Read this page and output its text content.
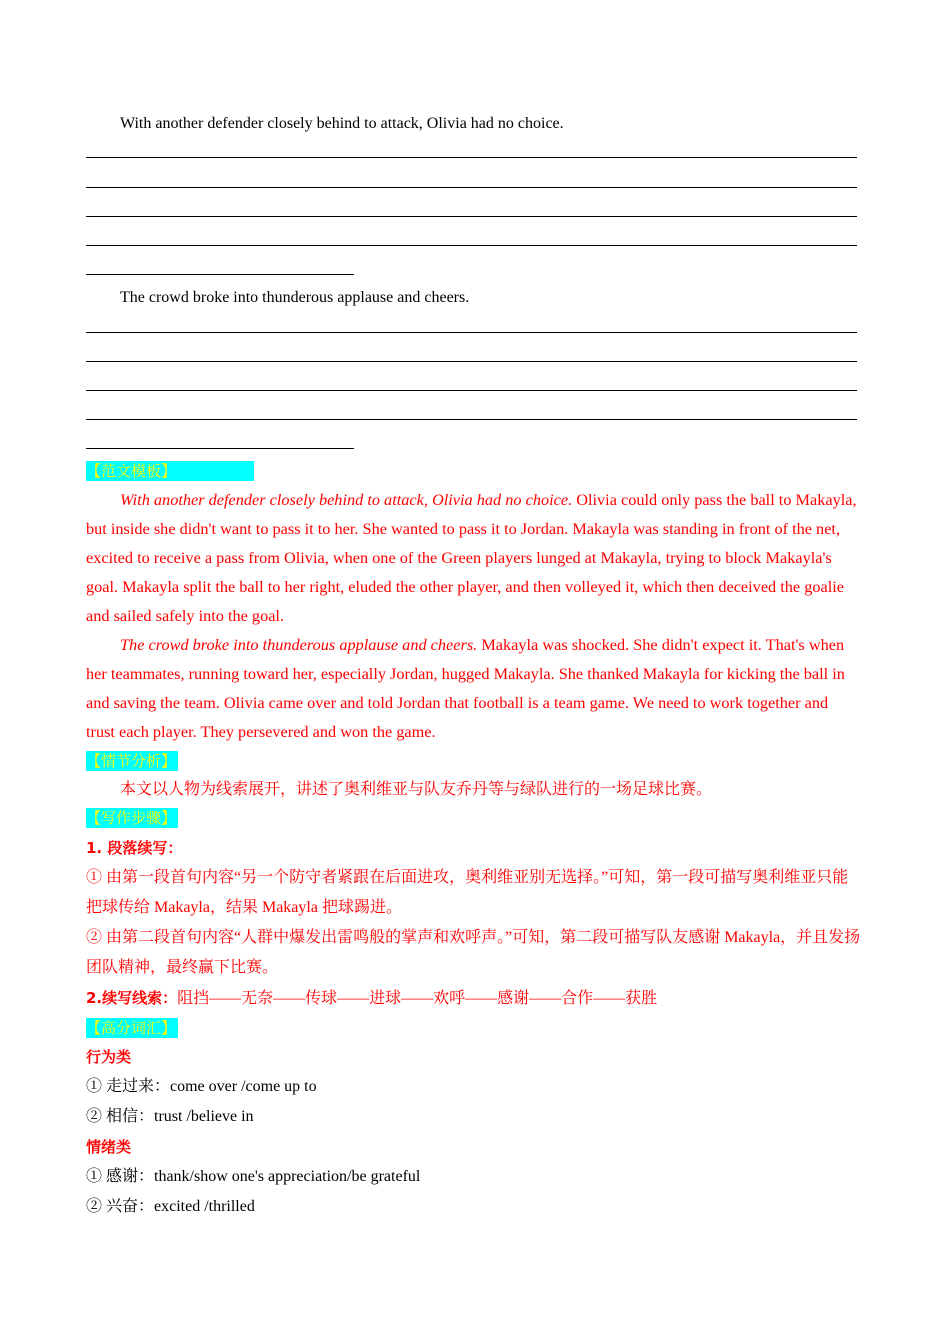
With another defender closely behind to attack, Olivia had no choice.
The crowd broke into thunderous applause and cheers.
【范文模板】

With another defender closely behind to attack, Olivia had no choice. Olivia could only pass the ball to Makayla, but inside she didn't want to pass it to her. She wanted to pass it to Jordan. Makayla was standing in front of the net, excited to receive a pass from Olivia, when one of the Green players lunged at Makayla, trying to block Makayla's goal. Makayla split the ball to her right, eluded the other player, and then volleyed it, which then deceived the goalie and sailed safely into the goal.

The crowd broke into thunderous applause and cheers. Makayla was shocked. She didn't expect it. That's when her teammates, running toward her, especially Jordan, hugged Makayla. She thanked Makayla for kicking the ball in and saving the team. Olivia came over and told Jordan that football is a team game. We need to work together and trust each player. They persevered and won the game.

【情节分析】
本文以人物为线索展开，讲述了奥利维亚与队友乔丹等与绿队进行的一场足球比赛。
【写作步骤】

1. 段落续写：

① 由第一段首句内容“另一个防守者紧跟在后面进攻，奥利维亚别无选择。”可知，第一段可描写奥利维亚只能把球传给 Makayla，结果 Makayla 把球踢进。

② 由第二段首句内容“人群中爆发出雷鸣般的掌声和欢呼声。”可知，第二段可描写队友感谢 Makayla，并且发扬团队精神，最终赢下比赛。

2.续写线索：阻挡——无奈——传球——进球——欢呼——感谢——合作——获胜

【高分词汇】

行为类

① 走过来：come over /come up to

② 相信：trust /believe in

情绪类

① 感谢：thank/show one's appreciation/be grateful

② 兴奋：excited /thrilled
